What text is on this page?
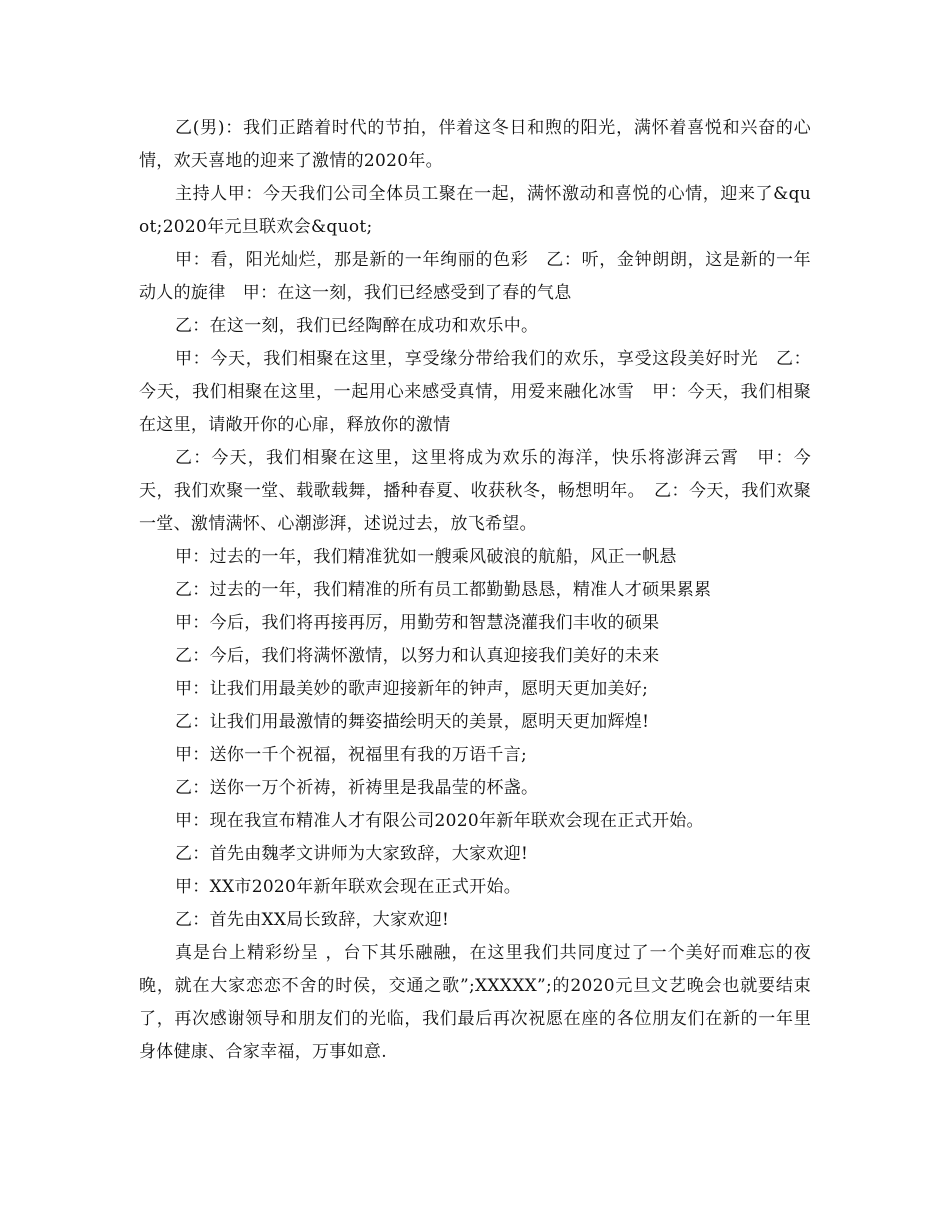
乙(男)：我们正踏着时代的节拍，伴着这冬日和煦的阳光，满怀着喜悦和兴奋的心情，欢天喜地的迎来了激情的2020年。

主持人甲：今天我们公司全体员工聚在一起，满怀激动和喜悦的心情，迎来了&quot;2020年元旦联欢会&quot;

甲：看，阳光灿烂，那是新的一年绚丽的色彩　乙：听，金钟朗朗，这是新的一年动人的旋律　甲：在这一刻，我们已经感受到了春的气息

乙：在这一刻，我们已经陶醉在成功和欢乐中。

甲：今天，我们相聚在这里，享受缘分带给我们的欢乐，享受这段美好时光　乙：今天，我们相聚在这里，一起用心来感受真情，用爱来融化冰雪　甲：今天，我们相聚在这里，请敞开你的心扉，释放你的激情

乙：今天，我们相聚在这里，这里将成为欢乐的海洋，快乐将澎湃云霄　甲：今天，我们欢聚一堂、载歌载舞，播种春夏、收获秋冬，畅想明年。　乙：今天，我们欢聚一堂、激情满怀、心潮澎湃，述说过去，放飞希望。

甲：过去的一年，我们精准犹如一艘乘风破浪的航船，风正一帆悬

乙：过去的一年，我们精准的所有员工都勤勤恳恳，精准人才硕果累累

甲：今后，我们将再接再厉，用勤劳和智慧浇灌我们丰收的硕果

乙：今后，我们将满怀激情，以努力和认真迎接我们美好的未来

甲：让我们用最美妙的歌声迎接新年的钟声，愿明天更加美好;

乙：让我们用最激情的舞姿描绘明天的美景，愿明天更加辉煌!

甲：送你一千个祝福，祝福里有我的万语千言;

乙：送你一万个祈祷，祈祷里是我晶莹的杯盏。

甲：现在我宣布精准人才有限公司2020年新年联欢会现在正式开始。

乙：首先由魏孝文讲师为大家致辞，大家欢迎!

甲：XX市2020年新年联欢会现在正式开始。

乙：首先由XX局长致辞，大家欢迎!

真是台上精彩纷呈 ，台下其乐融融，在这里我们共同度过了一个美好而难忘的夜晚，就在大家恋恋不舍的时侯，交通之歌”;XXXXX”;的2020元旦文艺晚会也就要结束了，再次感谢领导和朋友们的光临，我们最后再次祝愿在座的各位朋友们在新的一年里身体健康、合家幸福，万事如意.
